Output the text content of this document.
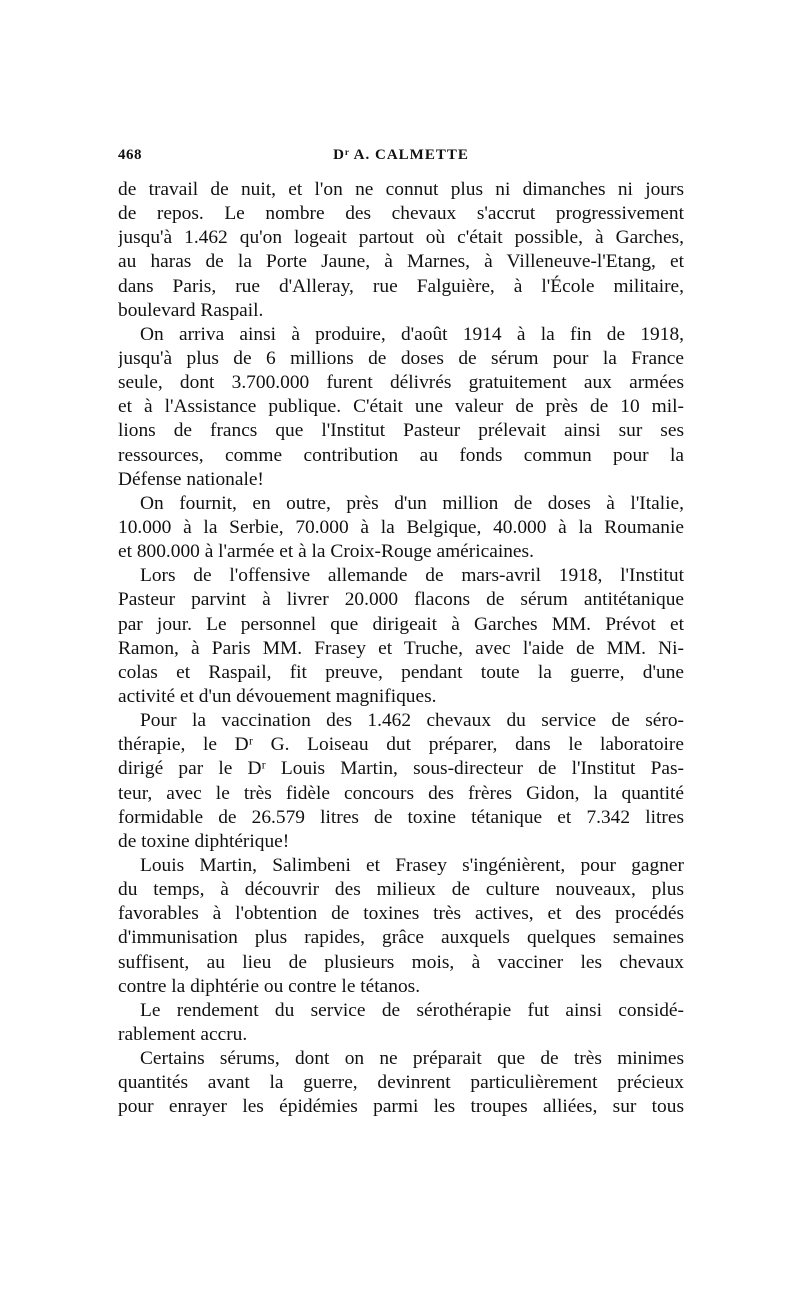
468	Dʳ A. CALMETTE
de travail de nuit, et l'on ne connut plus ni dimanches ni jours
de repos. Le nombre des chevaux s'accrut progressivement
jusqu'à 1.462 qu'on logeait partout où c'était possible, à Garches,
au haras de la Porte Jaune, à Marnes, à Villeneuve-l'Etang, et
dans Paris, rue d'Alleray, rue Falguière, à l'École militaire,
boulevard Raspail.
On arriva ainsi à produire, d'août 1914 à la fin de 1918,
jusqu'à plus de 6 millions de doses de sérum pour la France
seule, dont 3.700.000 furent délivrés gratuitement aux armées
et à l'Assistance publique. C'était une valeur de près de 10 mil-
lions de francs que l'Institut Pasteur prélevait ainsi sur ses
ressources, comme contribution au fonds commun pour la
Défense nationale!
On fournit, en outre, près d'un million de doses à l'Italie,
10.000 à la Serbie, 70.000 à la Belgique, 40.000 à la Roumanie
et 800.000 à l'armée et à la Croix-Rouge américaines.
Lors de l'offensive allemande de mars-avril 1918, l'Institut
Pasteur parvint à livrer 20.000 flacons de sérum antitétanique
par jour. Le personnel que dirigeait à Garches MM. Prévot et
Ramon, à Paris MM. Frasey et Truche, avec l'aide de MM. Ni-
colas et Raspail, fit preuve, pendant toute la guerre, d'une
activité et d'un dévouement magnifiques.
Pour la vaccination des 1.462 chevaux du service de séro-
thérapie, le Dʳ G. Loiseau dut préparer, dans le laboratoire
dirigé par le Dʳ Louis Martin, sous-directeur de l'Institut Pas-
teur, avec le très fidèle concours des frères Gidon, la quantité
formidable de 26.579 litres de toxine tétanique et 7.342 litres
de toxine diphtérique!
Louis Martin, Salimbeni et Frasey s'ingénièrent, pour gagner
du temps, à découvrir des milieux de culture nouveaux, plus
favorables à l'obtention de toxines très actives, et des procédés
d'immunisation plus rapides, grâce auxquels quelques semaines
suffisent, au lieu de plusieurs mois, à vacciner les chevaux
contre la diphtérie ou contre le tétanos.
Le rendement du service de sérothérapie fut ainsi considé-
rablement accru.
Certains sérums, dont on ne préparait que de très minimes
quantités avant la guerre, devinrent particulièrement précieux
pour enrayer les épidémies parmi les troupes alliées, sur tous
